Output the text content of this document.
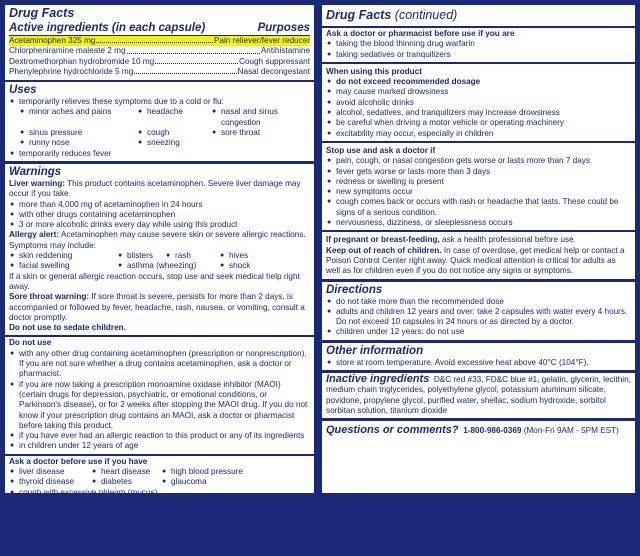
Drug Facts
Active ingredients (in each capsule)	Purposes
Acetaminophen 325 mg	Pain reliever/fever reducer
Chlorpheniramine maleate 2 mg	Antihistamine
Dextromethorphan hydrobromide 10 mg	Cough suppressant
Phenylephrine hydrochloride 5 mg	Nasal decongestant
Uses
● temporarily relieves these symptoms due to a cold or flu:
● minor aches and pains	● headache	● nasal and sinus congestion
● sinus pressure	● cough	● sore throat
● runny nose	● sneezing
● temporarily reduces fever
Warnings

Liver warning: This product contains acetaminophen. Severe liver damage may occur if you take

● more than 4,000 mg of acetaminophen in 24 hours
● with other drugs containing acetaminophen
● 3 or more alcoholic drinks every day while using this product

Allergy alert: Acetaminophen may cause severe skin or severe allergic reactions. Symptoms may include:

● skin reddening	● blisters	● rash	● hives
● facial swelling	● asthma (wheezing)	● shock

If a skin or general allergic reaction occurs, stop use and seek medical help right away.

Sore throat warning: If sore throat is severe, persists for more than 2 days, is accompanied or followed by fever, headache, rash, nausea, or vomiting, consult a doctor promptly.

Do not use to sedate children.

Do not use

● with any other drug containing acetaminophen (prescription or nonprescription). If you are not sure whether a drug contains acetaminophen, ask a doctor or pharmacist.
● if you are now taking a prescription monoamine oxidase inhibitor (MAOI) (certain drugs for depression, psychiatric, or emotional conditions, or Parkinson's disease), or for 2 weeks after stopping the MAOI drug. If you do not know if your prescription drug contains an MAOI, ask a doctor or pharmacist before taking this product.
● if you have ever had an allergic reaction to this product or any of its ingredients
● in children under 12 years of age

Ask a doctor before use if you have

● liver disease	● heart disease	● high blood pressure
● thyroid disease	● diabetes	● glaucoma
● cough with excessive phlegm (mucus)
● a breathing problem such as emphysema or chronic bronchitis
● difficulty in urination due to enlargement of the prostate gland
● persistent or chronic cough such as occurs with smoking, asthma, or emphysema
Drug Facts (continued)

Ask a doctor or pharmacist before use if you are

● taking the blood thinning drug warfarin
● taking sedatives or tranquilizers

When using this product

● do not exceed recommended dosage
● may cause marked drowsiness
● avoid alcoholic drinks
● alcohol, sedatives, and tranquilizers may increase drowsiness
● be careful when driving a motor vehicle or operating machinery
● excitability may occur, especially in children

Stop use and ask a doctor if

● pain, cough, or nasal congestion gets worse or lasts more than 7 days
● fever gets worse or lasts more than 3 days
● redness or swelling is present
● new symptoms occur
● cough comes back or occurs with rash or headache that lasts. These could be signs of a serious condition.
● nervousness, dizziness, or sleeplessness occurs

If pregnant or breast-feeding, ask a health professional before use.

Keep out of reach of children. In case of overdose, get medical help or contact a Poison Control Center right away. Quick medical attention is critical for adults as well as for children even if you do not notice any signs or symptoms.

Directions
● do not take more than the recommended dose
● adults and children 12 years and over: take 2 capsules with water every 4 hours. Do not exceed 10 capsules in 24 hours or as directed by a doctor.
● children under 12 years: do not use
Other information
● store at room temperature. Avoid excessive heat above 40°C (104°F).

Inactive ingredients D&C red #33, FD&C blue #1, gelatin, glycerin, lecithin, medium chain triglycerides, polyethylene glycol, potassium aluminum silicate, povidone, propylene glycol, purified water, shellac, sodium hydroxide, sorbitol sorbitan solution, titanium dioxide

Questions or comments? 1-800-986-0369 (Mon-Fri 9AM - 5PM EST)
